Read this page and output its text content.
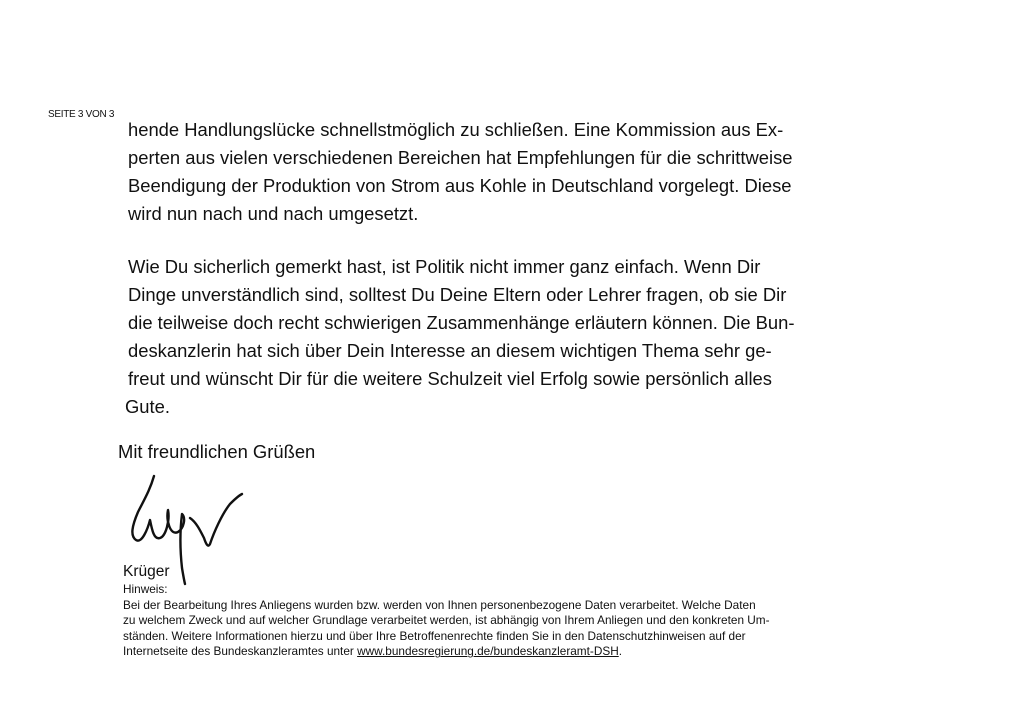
SEITE 3 VON 3
hende Handlungslücke schnellstmöglich zu schließen. Eine Kommission aus Ex-
perten aus vielen verschiedenen Bereichen hat Empfehlungen für die schrittweise
Beendigung der Produktion von Strom aus Kohle in Deutschland vorgelegt. Diese
wird nun nach und nach umgesetzt.
Wie Du sicherlich gemerkt hast, ist Politik nicht immer ganz einfach. Wenn Dir
Dinge unverständlich sind, solltest Du Deine Eltern oder Lehrer fragen, ob sie Dir
die teilweise doch recht schwierigen Zusammenhänge erläutern können. Die Bun-
deskanzlerin hat sich über Dein Interesse an diesem wichtigen Thema sehr ge-
freut und wünscht Dir für die weitere Schulzeit viel Erfolg sowie persönlich alles
Gute.
Mit freundlichen Grüßen
Krüger
Hinweis:
Bei der Bearbeitung Ihres Anliegens wurden bzw. werden von Ihnen personenbezogene Daten verarbeitet. Welche Daten
zu welchem Zweck und auf welcher Grundlage verarbeitet werden, ist abhängig von Ihrem Anliegen und den konkreten Um-
ständen. Weitere Informationen hierzu und über Ihre Betroffenenrechte finden Sie in den Datenschutzhinweisen auf der
Internetseite des Bundeskanzleramtes unter www.bundesregierung.de/bundeskanzleramt-DSH.
